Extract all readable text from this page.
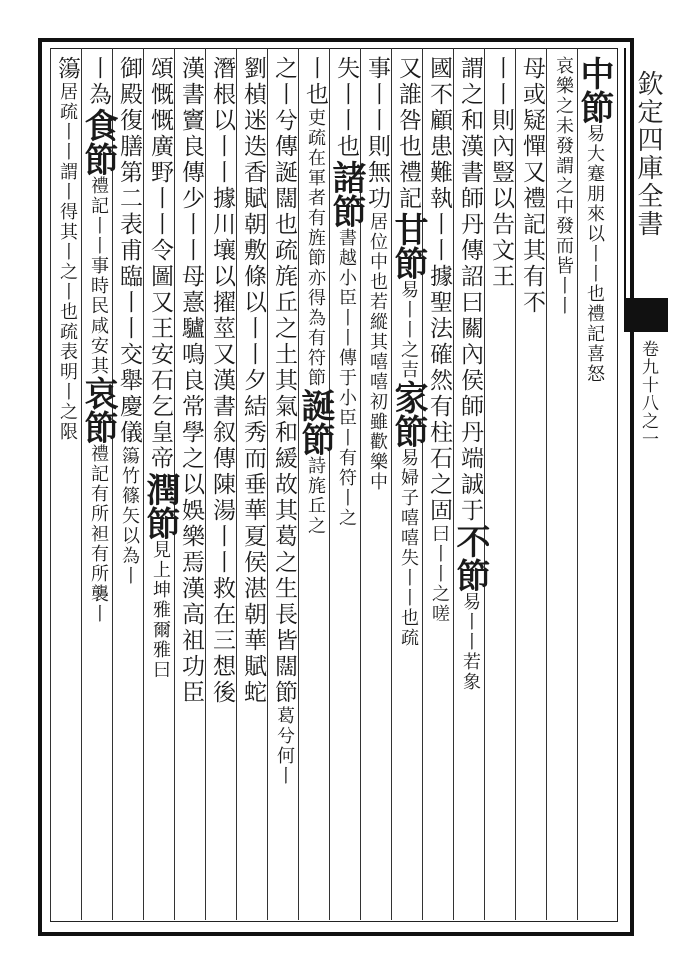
欽定四庫全書
卷九十八之一
中節易大蹇朋來以丨丨也禮記喜怒
哀樂之未發謂之中發而皆丨丨
母或疑憚又禮記其有不
丨丨則內豎以告文王
謂之和漢書師丹傳詔曰關內侯師丹端誠于不節易丨丨若象
國不顧患難執丨丨據聖法確然有柱石之固曰丨丨之嗟
又誰咎也禮記甘節易丨丨之吉家節易婦子嘻嘻失丨丨也疏
事丨丨則無功居位中也若縱其嘻嘻初雖歡樂中
失丨丨也諸節書越小臣丨丨傳于小臣丨有符丨之
丨也吏疏在軍者有旌節亦得為有符節誕節詩旄丘之
之丨兮傳誕闊也疏旄丘之土其氣和緩故其葛之生長皆闊節葛兮何丨
劉楨迷迭香賦朝敷條以丨丨夕結秀而垂華夏侯湛朝華賦蛇
潛根以丨丨據川壤以擢莖又漢書叙傳陳湯丨丨救在三想後
漢書竇良傳少丨丨母憙驢鳴良常學之以娛樂焉漢高祖功臣
頌慨慨廣野丨丨令圖又王安石乞皇帝潤節見上坤雅爾雅曰
御殿復膳第二表甫臨丨丨交舉慶儀簜竹篠矢以為丨
丨為食節禮記丨丨事時民咸安其哀節禮記有所袒有所襲丨
簜居疏丨丨謂丨得其丨之丨也疏表明丨之限
